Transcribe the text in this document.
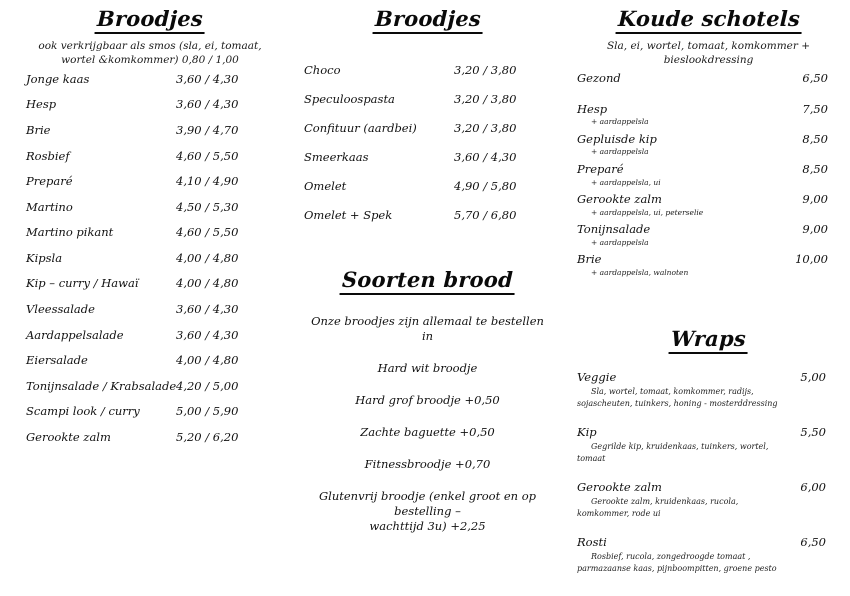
Broodjes
ook verkrijgbaar als smos (sla, ei, tomaat, wortel &komkommer) 0,80 / 1,00
Jonge kaas	3,60 / 4,30
Hesp	3,60 / 4,30
Brie	3,90 / 4,70
Rosbief	4,60 / 5,50
Preparé	4,10 / 4,90
Martino	4,50 / 5,30
Martino pikant	4,60 / 5,50
Kipsla	4,00 / 4,80
Kip – curry / Hawaï	4,00 / 4,80
Vleessalade	3,60 / 4,30
Aardappelsalade	3,60 / 4,30
Eiersalade	4,00 / 4,80
Tonijnsalade / Krabsalade 4,20 / 5,00
Scampi look / curry	5,00 / 5,90
Gerookte zalm	5,20 / 6,20
Broodjes
Choco	3,20 / 3,80
Speculoospasta	3,20 / 3,80
Confituur (aardbei)	3,20 / 3,80
Smeerkaas	3,60 / 4,30
Omelet	4,90 / 5,80
Omelet + Spek	5,70 / 6,80
Soorten brood
Onze broodjes zijn allemaal te bestellen in
Hard wit broodje
Hard grof broodje +0,50
Zachte baguette +0,50
Fitnessbroodje +0,70
Glutenvrij broodje (enkel groot en op bestelling –
wachttijd 3u) +2,25
Koude schotels
Sla, ei, wortel, tomaat, komkommer + bieslookdressing
Gezond	6,50
Hesp	7,50
+ aardappelsla
Gepluisde kip	8,50
+ aardappelsla
Preparé	8,50
+ aardappelsla, ui
Gerookte zalm	9,00
+ aardappelsla, ui, peterselie
Tonijnsalade	9,00
+ aardappelsla
Brie	10,00
+ aardappelsla, walnoten
Wraps
Veggie	5,00
Sla, wortel, tomaat, komkommer, radijs,
sojascheuten, tuinkers, honing - mosterddressing
Kip	5,50
Gegrilde kip, kruidenkaas, tuinkers, wortel,
tomaat
Gerookte zalm	6,00
Gerookte zalm, kruidenkaas, rucola,
komkommer, rode ui
Rosti	6,50
Rosbief, rucola, zongedroogde tomaat ,
parmazaanse kaas, pijnboompitten, groene pesto
